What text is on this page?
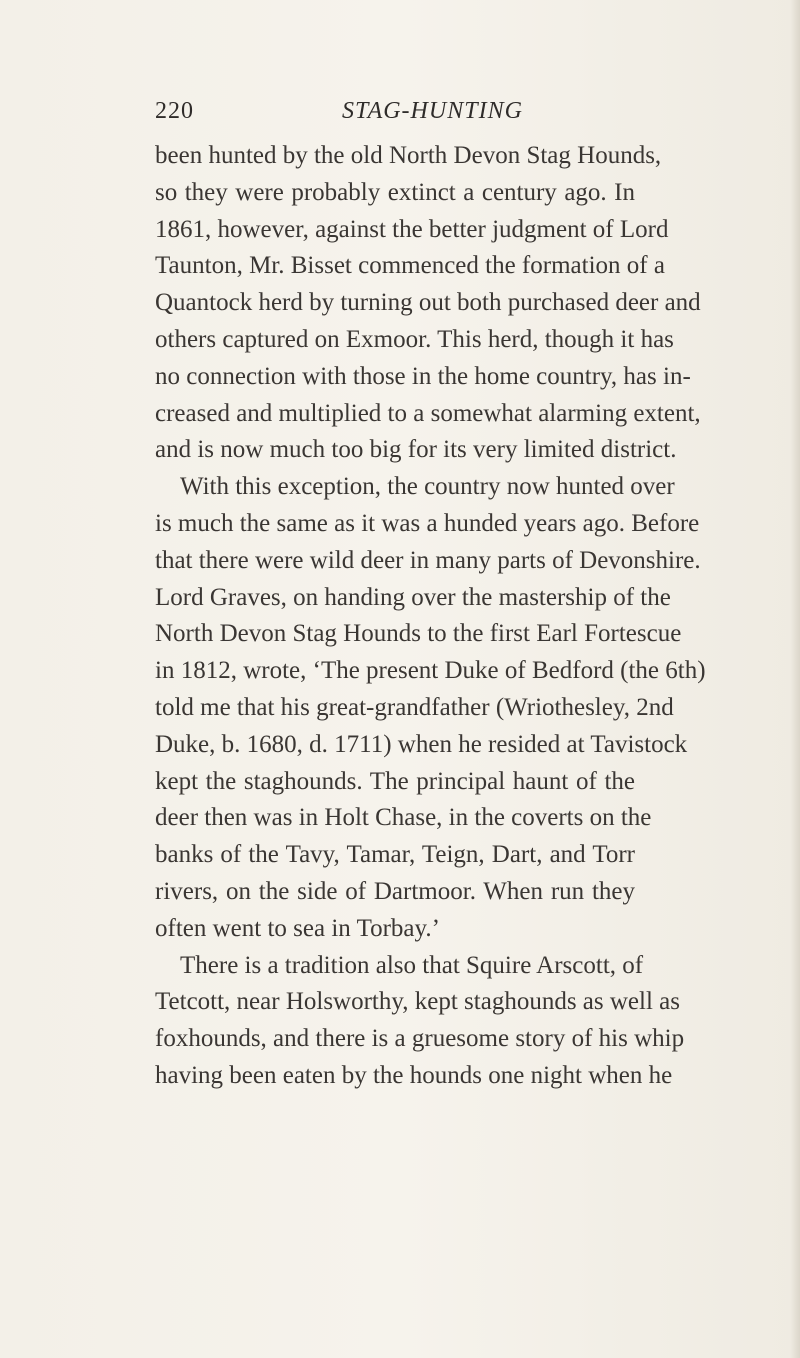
220	STAG-HUNTING
been hunted by the old North Devon Stag Hounds,
so they were probably extinct a century ago. In
1861, however, against the better judgment of Lord
Taunton, Mr. Bisset commenced the formation of a
Quantock herd by turning out both purchased deer and
others captured on Exmoor. This herd, though it has
no connection with those in the home country, has in-
creased and multiplied to a somewhat alarming extent,
and is now much too big for its very limited district.
With this exception, the country now hunted over
is much the same as it was a hunded years ago. Before
that there were wild deer in many parts of Devonshire.
Lord Graves, on handing over the mastership of the
North Devon Stag Hounds to the first Earl Fortescue
in 1812, wrote, ‘The present Duke of Bedford (the 6th)
told me that his great-grandfather (Wriothesley, 2nd
Duke, b. 1680, d. 1711) when he resided at Tavistock
kept the staghounds. The principal haunt of the
deer then was in Holt Chase, in the coverts on the
banks of the Tavy, Tamar, Teign, Dart, and Torr
rivers, on the side of Dartmoor. When run they
often went to sea in Torbay.’
There is a tradition also that Squire Arscott, of
Tetcott, near Holsworthy, kept staghounds as well as
foxhounds, and there is a gruesome story of his whip
having been eaten by the hounds one night when he
